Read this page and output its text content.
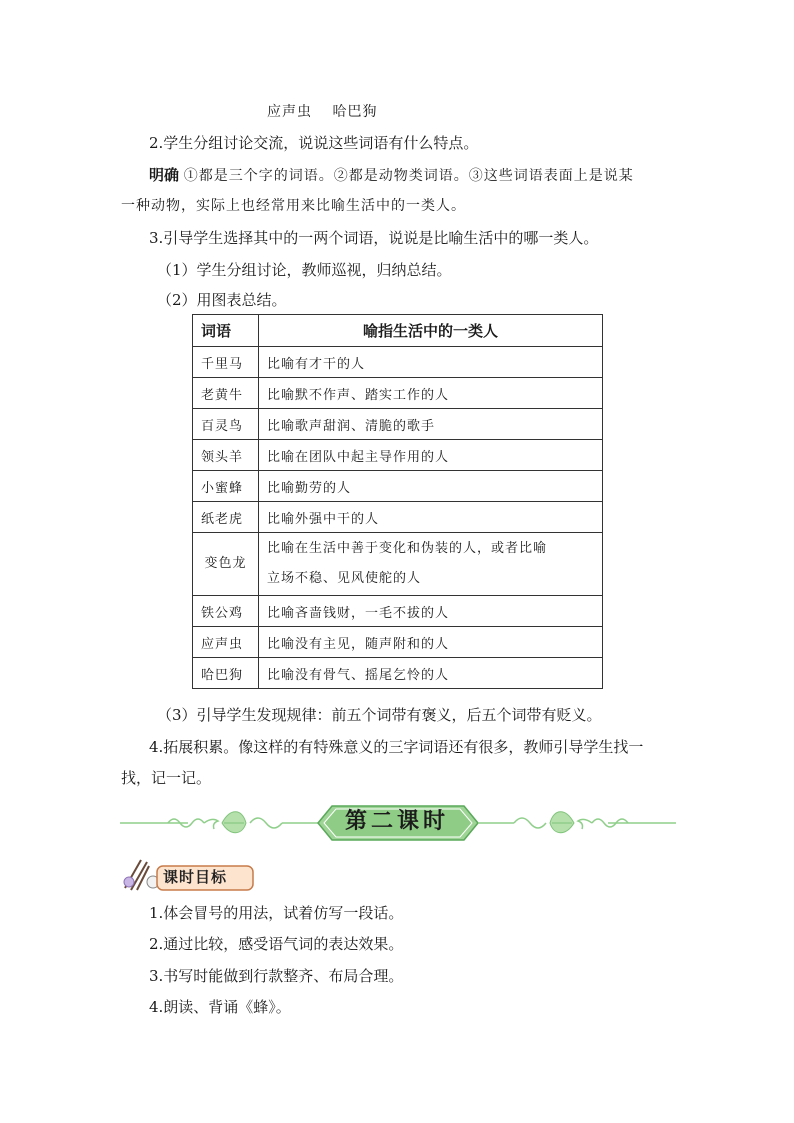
应声虫　 哈巴狗
2.学生分组讨论交流，说说这些词语有什么特点。
明确 ①都是三个字的词语。②都是动物类词语。③这些词语表面上是说某
一种动物，实际上也经常用来比喻生活中的一类人。
3.引导学生选择其中的一两个词语，说说是比喻生活中的哪一类人。
（1）学生分组讨论，教师巡视，归纳总结。
（2）用图表总结。
词语	喻指生活中的一类人
千里马	比喻有才干的人
老黄牛	比喻默不作声、踏实工作的人
百灵鸟	比喻歌声甜润、清脆的歌手
领头羊	比喻在团队中起主导作用的人
小蜜蜂	比喻勤劳的人
纸老虎	比喻外强中干的人
变色龙	比喻在生活中善于变化和伪装的人，或者比喻
立场不稳、见风使舵的人

铁公鸡	比喻吝啬钱财，一毛不拔的人
应声虫	比喻没有主见，随声附和的人
哈巴狗	比喻没有骨气、摇尾乞怜的人
（3）引导学生发现规律：前五个词带有褒义，后五个词带有贬义。
4.拓展积累。像这样的有特殊意义的三字词语还有很多，教师引导学生找一
找，记一记。
第二课时
课时目标
1.体会冒号的用法，试着仿写一段话。
2.通过比较，感受语气词的表达效果。
3.书写时能做到行款整齐、布局合理。
4.朗读、背诵《蜂》。
